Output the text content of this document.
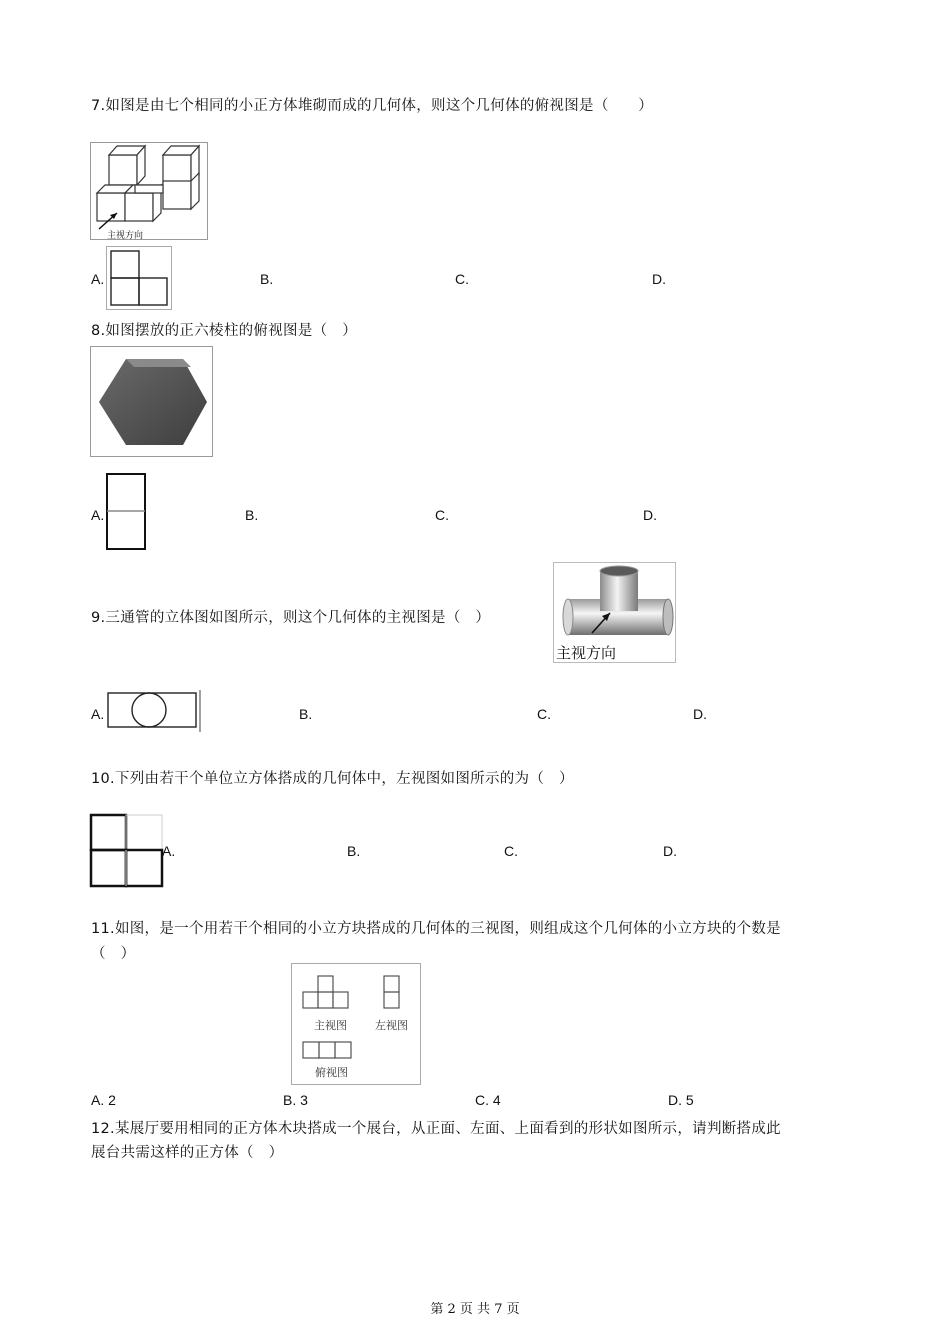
7.如图是由七个相同的小正方体堆砌而成的几何体，则这个几何体的俯视图是（　　）
主视方向
A.	B.	C.	D.
8.如图摆放的正六棱柱的俯视图是（　）
A.	B.	C.	D.
9.三通管的立体图如图所示，则这个几何体的主视图是（　）
主视方向
A.	B.	C.	D.
10.下列由若干个单位立方体搭成的几何体中，左视图如图所示的为（　）
A.	B.	C.	D.
11.如图，是一个用若干个相同的小立方块搭成的几何体的三视图，则组成这个几何体的小立方块的个数是
（　）
主视图	左视图
俯视图
A. 2	B. 3	C. 4	D. 5
12.某展厅要用相同的正方体木块搭成一个展台，从正面、左面、上面看到的形状如图所示，请判断搭成此
展台共需这样的正方体（　）
第 2 页 共 7 页
